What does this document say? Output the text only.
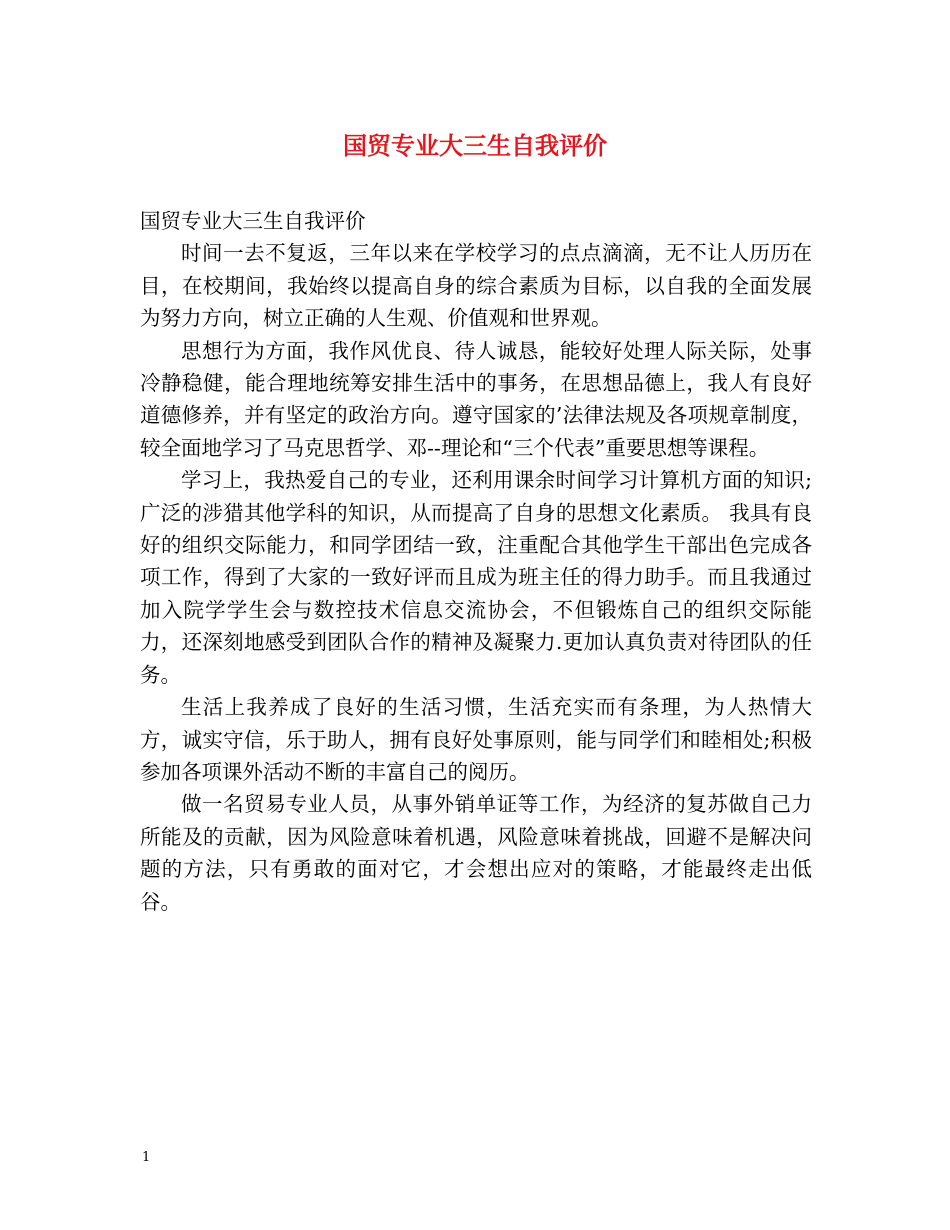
国贸专业大三生自我评价

国贸专业大三生自我评价

时间一去不复返，三年以来在学校学习的点点滴滴，无不让人历历在目，在校期间，我始终以提高自身的综合素质为目标，以自我的全面发展为努力方向，树立正确的人生观、价值观和世界观。

思想行为方面，我作风优良、待人诚恳，能较好处理人际关际，处事冷静稳健，能合理地统筹安排生活中的事务，在思想品德上，我人有良好道德修养，并有坚定的政治方向。遵守国家的’法律法规及各项规章制度，较全面地学习了马克思哲学、邓--理论和“三个代表”重要思想等课程。

学习上，我热爱自己的专业，还利用课余时间学习计算机方面的知识;广泛的涉猎其他学科的知识，从而提高了自身的思想文化素质。 我具有良好的组织交际能力，和同学团结一致，注重配合其他学生干部出色完成各项工作，得到了大家的一致好评而且成为班主任的得力助手。而且我通过加入院学学生会与数控技术信息交流协会，不但锻炼自己的组织交际能力，还深刻地感受到团队合作的精神及凝聚力.更加认真负责对待团队的任务。

生活上我养成了良好的生活习惯，生活充实而有条理，为人热情大方，诚实守信，乐于助人，拥有良好处事原则，能与同学们和睦相处;积极参加各项课外活动不断的丰富自己的阅历。

做一名贸易专业人员，从事外销单证等工作，为经济的复苏做自己力所能及的贡献，因为风险意味着机遇，风险意味着挑战，回避不是解决问题的方法，只有勇敢的面对它，才会想出应对的策略，才能最终走出低谷。

1
